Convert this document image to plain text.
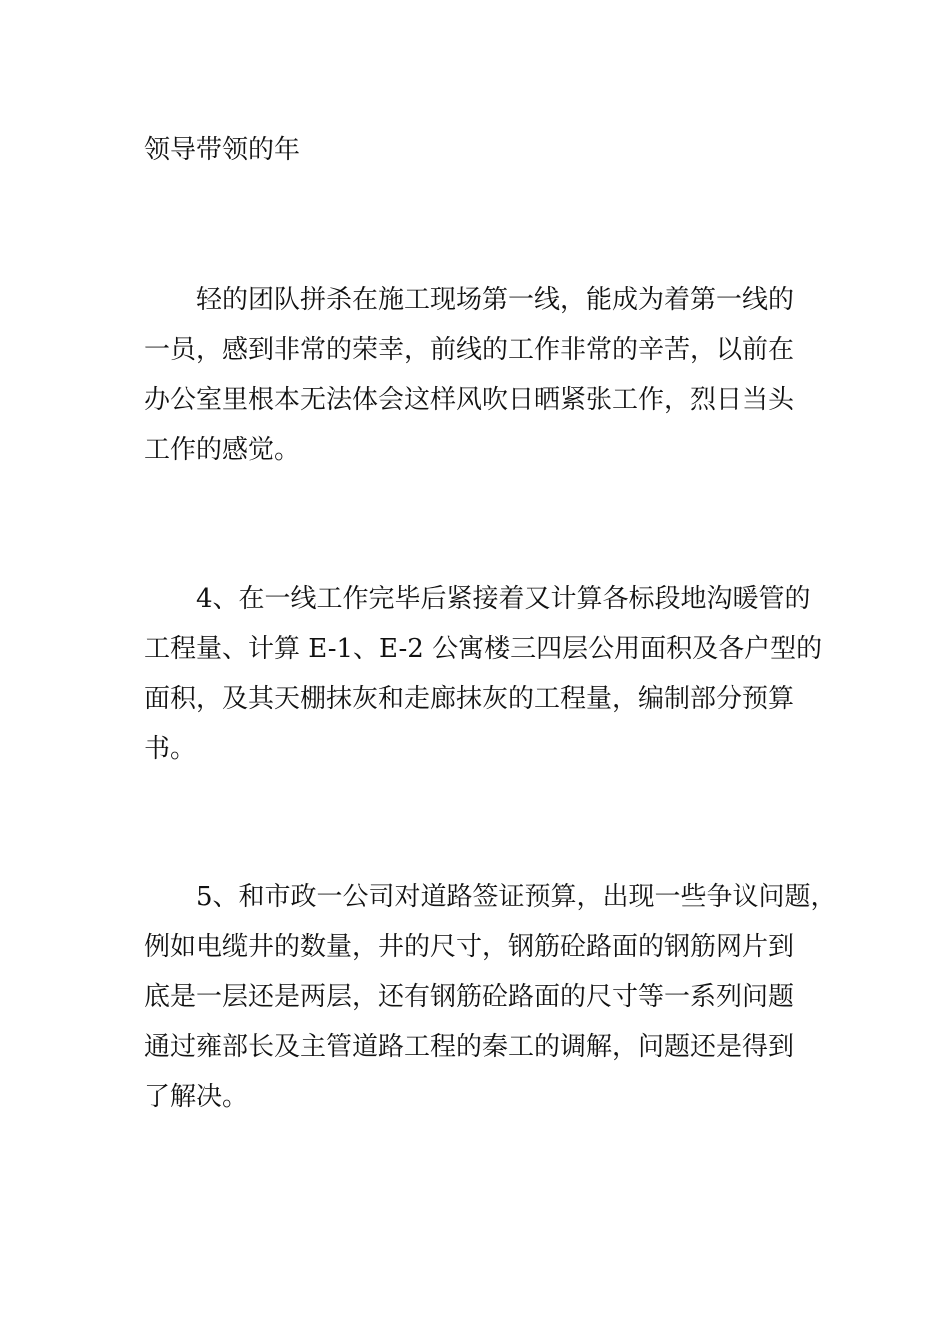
领导带领的年
轻的团队拼杀在施工现场第一线，能成为着第一线的
一员，感到非常的荣幸，前线的工作非常的辛苦，以前在
办公室里根本无法体会这样风吹日晒紧张工作，烈日当头
工作的感觉。
4、在一线工作完毕后紧接着又计算各标段地沟暖管的
工程量、计算 E-1、E-2 公寓楼三四层公用面积及各户型的
面积，及其天棚抹灰和走廊抹灰的工程量，编制部分预算
书。
5、和市政一公司对道路签证预算，出现一些争议问题，
例如电缆井的数量，井的尺寸，钢筋砼路面的钢筋网片到
底是一层还是两层，还有钢筋砼路面的尺寸等一系列问题
通过雍部长及主管道路工程的秦工的调解，问题还是得到
了解决。
